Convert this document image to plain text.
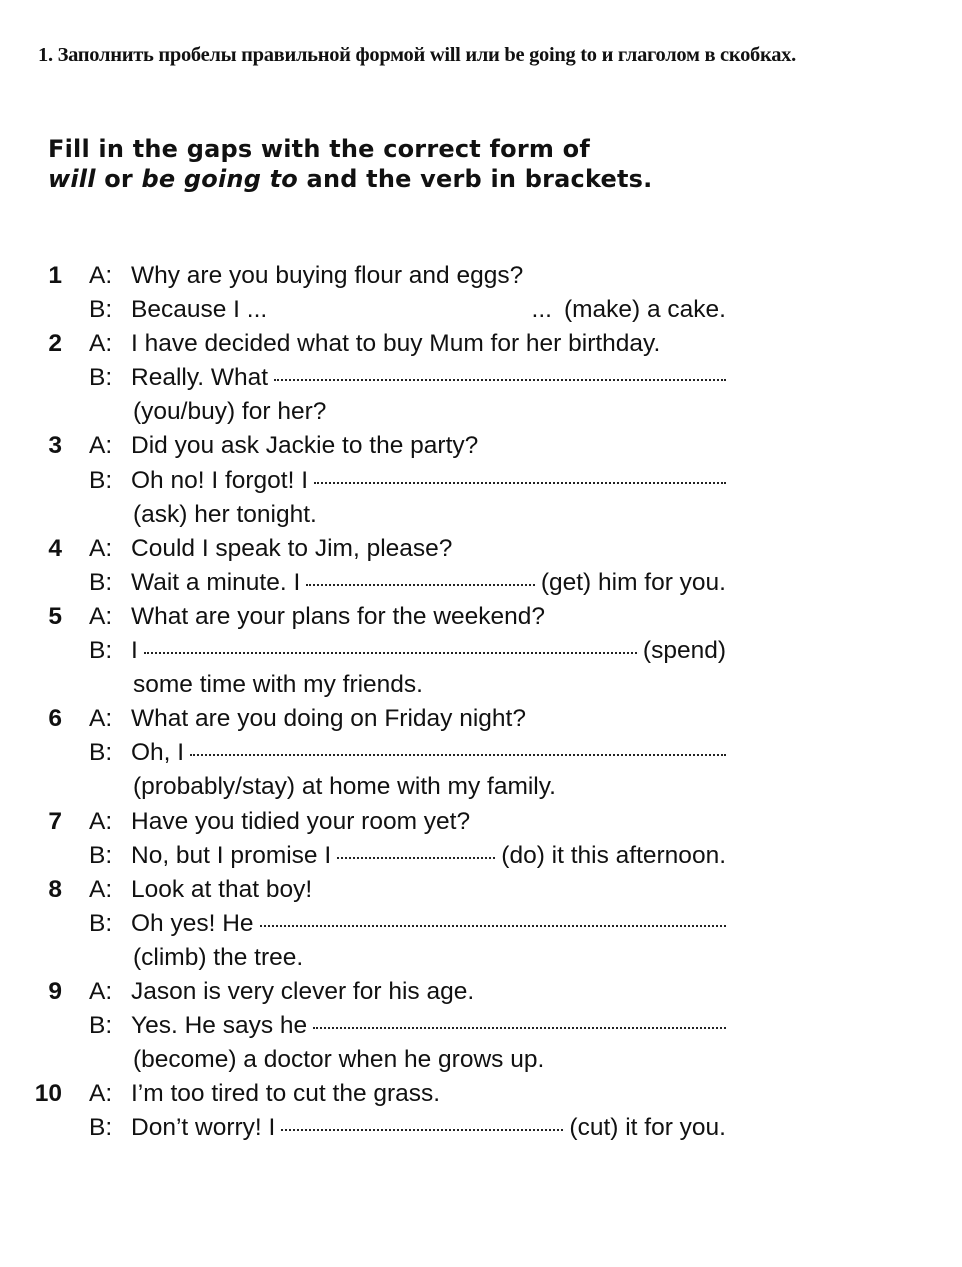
1. Заполнить пробелы правильной формой will или be going to и глаголом в скобках.
Fill in the gaps with the correct form of
will or be going to and the verb in brackets.
1 A: Why are you buying flour and eggs?
B: Because I ...	... (make) a cake.
2 A: I have decided what to buy Mum for her birthday.
B: Really. What
(you/buy) for her?
3 A: Did you ask Jackie to the party?
B: Oh no! I forgot! I
(ask) her tonight.
4 A: Could I speak to Jim, please?
B: Wait a minute. I	(get) him for you.
5 A: What are your plans for the weekend?
B: I	(spend)
some time with my friends.
6 A: What are you doing on Friday night?
B: Oh, I
(probably/stay) at home with my family.
7 A: Have you tidied your room yet?
B: No, but I promise I	(do) it this afternoon.
8 A: Look at that boy!
B: Oh yes! He
(climb) the tree.
9 A: Jason is very clever for his age.
B: Yes. He says he
(become) a doctor when he grows up.
10 A: I’m too tired to cut the grass.
B: Don’t worry! I	(cut) it for you.
